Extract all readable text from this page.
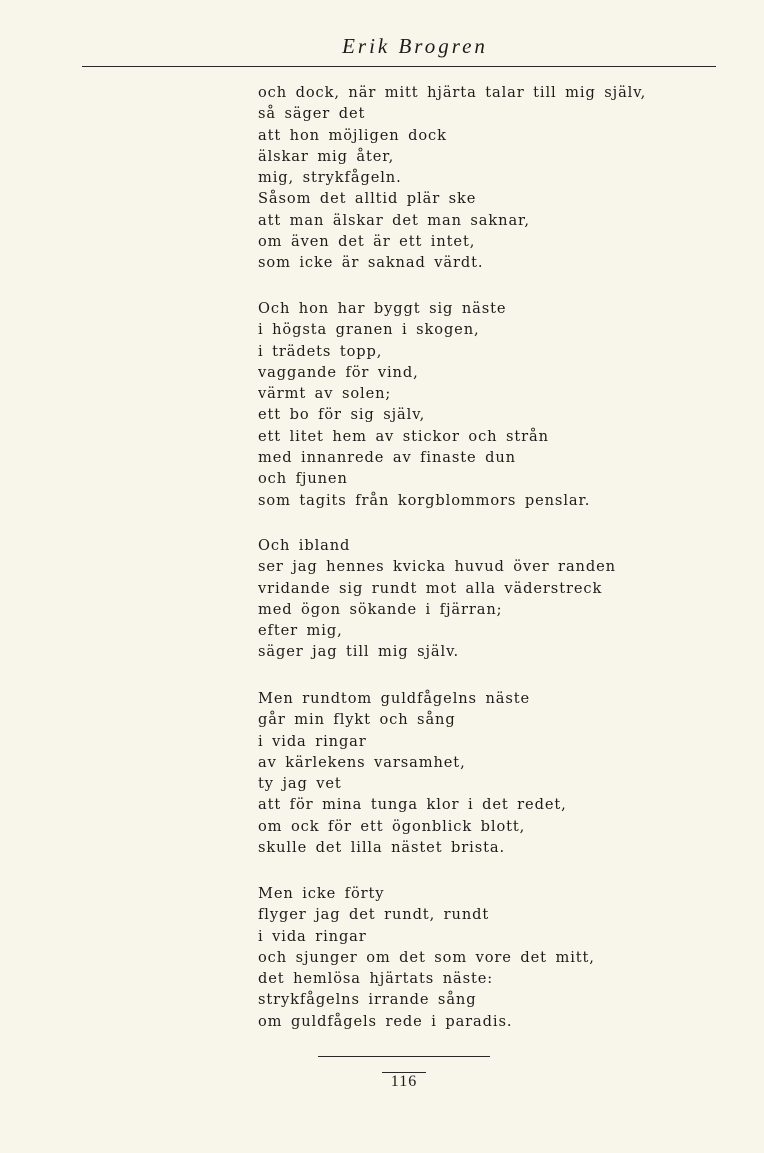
Erik Brogren
och dock, när mitt hjärta talar till mig själv,
så säger det
att hon möjligen dock
älskar mig åter,
mig, strykfågeln.
Såsom det alltid plär ske
att man älskar det man saknar,
om även det är ett intet,
som icke är saknad värdt.
Och hon har byggt sig näste
i högsta granen i skogen,
i trädets topp,
vaggande för vind,
värmt av solen;
ett bo för sig själv,
ett litet hem av stickor och strån
med innanrede av finaste dun
och fjunen
som tagits från korgblommors penslar.
Och ibland
ser jag hennes kvicka huvud över randen
vridande sig rundt mot alla väderstreck
med ögon sökande i fjärran;
efter mig,
säger jag till mig själv.
Men rundtom guldfågelns näste
går min flykt och sång
i vida ringar
av kärlekens varsamhet,
ty jag vet
att för mina tunga klor i det redet,
om ock för ett ögonblick blott,
skulle det lilla nästet brista.
Men icke förty
flyger jag det rundt, rundt
i vida ringar
och sjunger om det som vore det mitt,
det hemlösa hjärtats näste:
strykfågelns irrande sång
om guldfågels rede i paradis.
116
